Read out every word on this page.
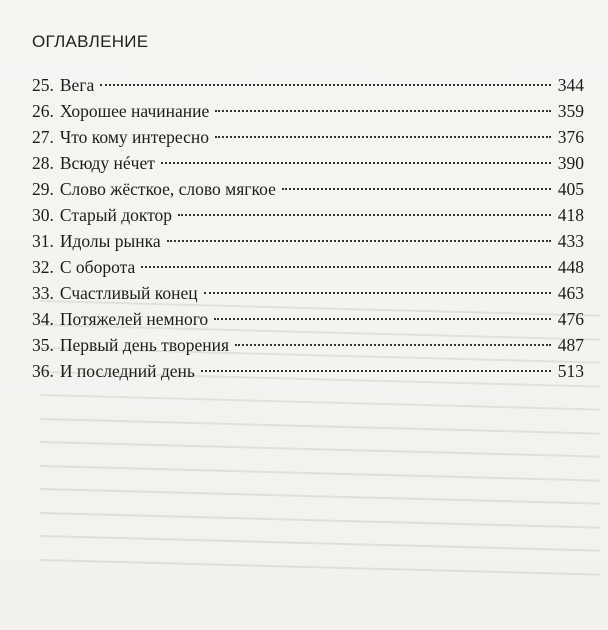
ОГЛАВЛЕНИЕ
25. Вега	344
26. Хорошее начинание	359
27. Что кому интересно	376
28. Всюду нéчет	390
29. Слово жёсткое, слово мягкое	405
30. Старый доктор	418
31. Идолы рынка	433
32. С оборота	448
33. Счастливый конец	463
34. Потяжелей немного	476
35. Первый день творения	487
36. И последний день	513
